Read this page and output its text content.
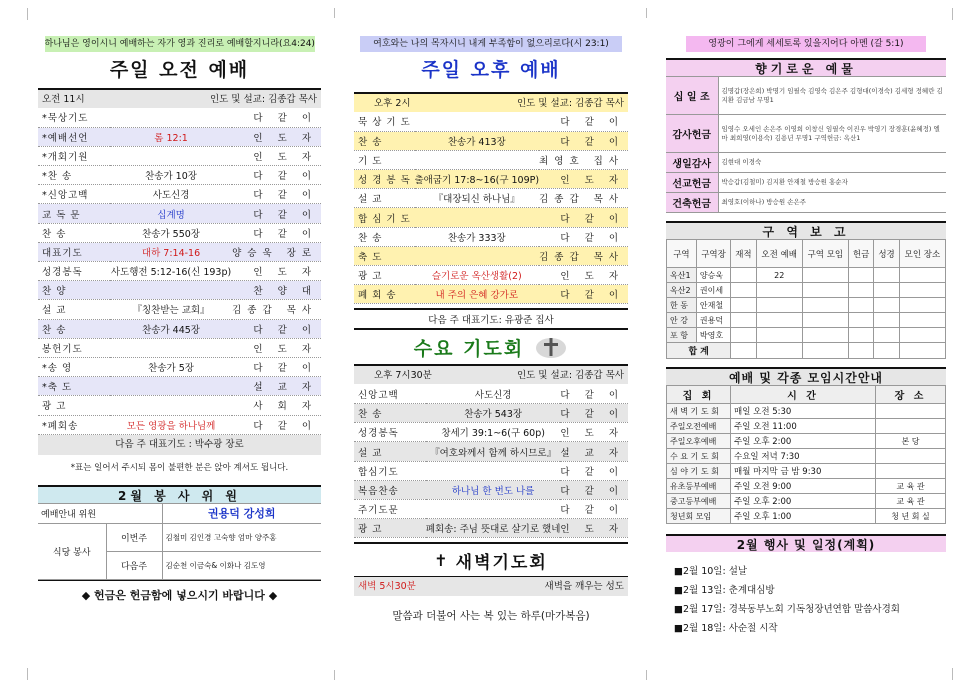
하나님은 영이시니 예배하는 자가 영과 진리로 예배할지니라(요4:24)
주일 오전 예배
오전 11시	인도 및 설교: 김종갑 목사
*묵상기도		다 같 이
*예배선언	롬 12:1	인 도 자
*개회기원		인 도 자
*찬 송	찬송가 10장	다 같 이
*신앙고백	사도신경	다 같 이
교 독 문	십계명	다 같 이
찬 송	찬송가 550장	다 같 이
대표기도	대하 7:14-16	양승욱 장로
성경봉독	사도행전 5:12-16(신 193p)	인 도 자
찬 양		찬 양 대
설 교	『칭찬받는 교회』	김종갑 목사
찬 송	찬송가 445장	다 같 이
봉헌기도		인 도 자
*송 영	찬송가 5장	다 같 이
*축 도		설 교 자
광 고		사 회 자
*폐회송	모든 영광을 하나님께	다 같 이
다음 주 대표기도 : 박수광 장로
*표는 일어서 주시되 몸이 불편한 분은 앉아 계셔도 됩니다.
2월 봉 사 위 원
예배안내 위원		권용덕 강성희
식당 봉사	이번주	김철미 김인경 고숙향 엄마 양주홍
	다음주	김순천 이금숙& 이화나 김도영
◆ 헌금은 헌금함에 넣으시기 바랍니다 ◆
여호와는 나의 목자시니 내게 부족함이 없으리로다(시 23:1)
주일 오후 예배
오후 2시	인도 및 설교: 김종갑 목사
묵 상 기 도		다 같 이
찬 송	찬송가 413장	다 같 이
기 도		최영호 집사
성 경 봉 독	출애굽기 17:8~16(구 109P)	인 도 자
설 교	『대장되신 하나님』	김종갑 목사
합 심 기 도		다 같 이
찬 송	찬송가 333장	다 같 이
축 도		김종갑 목사
광 고	슬기로운 옥산생활(2)	인 도 자
폐 회 송	내 주의 은혜 강가로	다 같 이
다음 주 대표기도: 유광준 집사
수요 기도회
오후 7시30분	인도 및 설교: 김종갑 목사
신앙고백	사도신경	다 같 이
찬 송	찬송가 543장	다 같 이
성경봉독	창세기 39:1~6(구 60p)	인 도 자
설 교	『여호와께서 함께 하시므로』	설 교 자
합심기도		다 같 이
복음찬송	하나님 한 번도 나를	다 같 이
주기도문		다 같 이
광 고	폐회송: 주님 뜻대로 살기로 했네	인 도 자
✝ 새벽기도회
새벽 5시30분	새벽을 깨우는 성도
말씀과 더불어 사는 복 있는 하루(마가복음)
영광이 그에게 세세토록 있을지어다 아멘 (갈 5:1)
향기로운 예물
십 일 조	김명갑(장은희) 박명기 임필숙 김영숙 김은주 김형대(이경숙) 김세형 정혜란 김지환 김금남 무명1
감사헌금	임영수 오세인 손은주 이영희 이창신 임필숙 이진우 박영기 장경훈(윤혜정) 엘마 최희영(이용숙) 김용년 무명1 구역헌금: 옥산1
생일감사	김현대 이경숙
선교헌금	박승갑(김철미) 김지환 안재철 방승원 홍순자
건축헌금	최영호(이하나) 방승원 손은주
구 역 보 고
구역	구역장	재적	오전 예배	구역 모임	헌금	성경	모인 장소
옥산1	양승욱		22				
옥산2	권이세						
한 동	안재철						
안 강	권용덕						
포 항	박영호						
합 계							
예배 및 각종 모임시간안내
집 회	시 간	장 소
새 벽 기 도 회	매일 오전 5:30	
주일오전예배	주일 오전 11:00	
주일오후예배	주일 오후 2:00	본 당
수 요 기 도 회	수요일 저녁 7:30	
심 야 기 도 회	매월 마지막 금 밤 9:30	
유초등부예배	주일 오전 9:00	교 육 관
중고등부예배	주일 오후 2:00	교 육 관
청년회 모임	주일 오후 1:00	청 년 회 실
2월 행사 및 일정(계획)
■2월 10일: 설날
■2월 13일: 춘계대심방
■2월 17일: 경북동부노회 기독청장년연합 말씀사경회
■2월 18일: 사순절 시작
